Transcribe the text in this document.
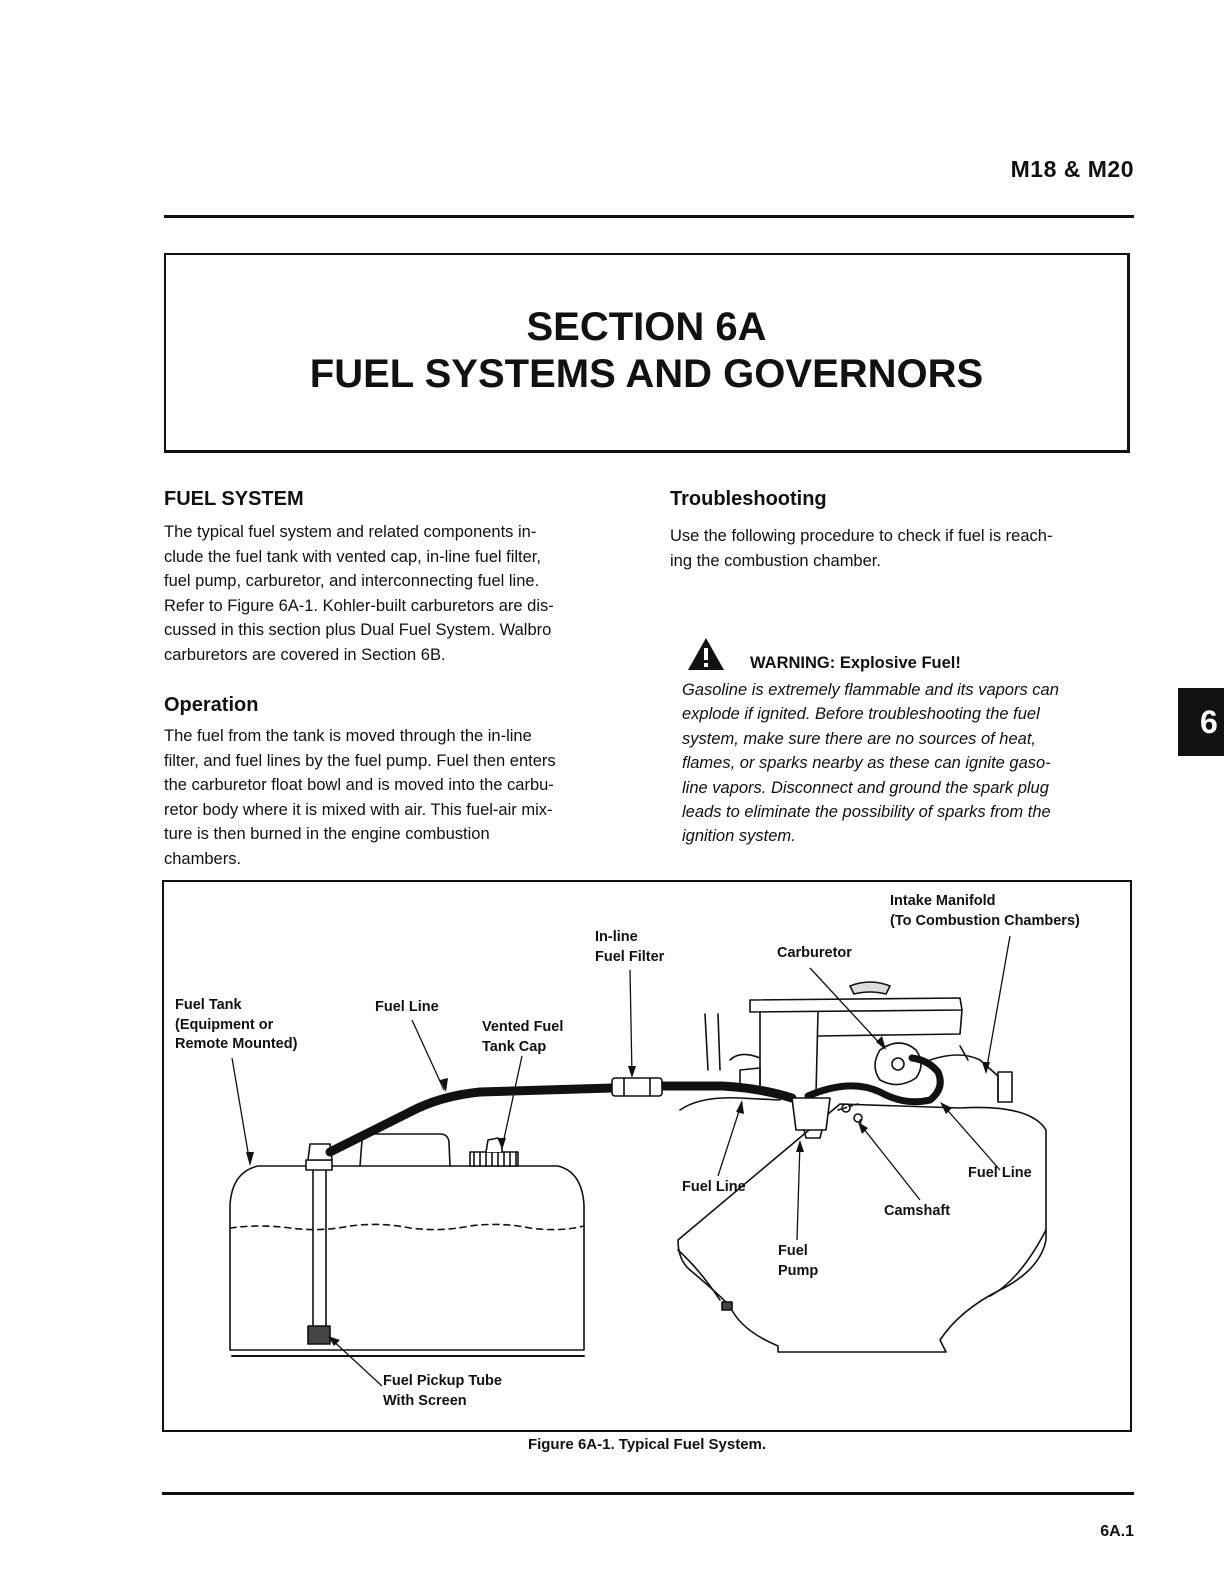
M18 & M20
SECTION 6A
FUEL SYSTEMS AND GOVERNORS
FUEL SYSTEM
The typical fuel system and related components in-
clude the fuel tank with vented cap, in-line fuel filter,
fuel pump, carburetor, and interconnecting fuel line.
Refer to Figure 6A-1. Kohler-built carburetors are dis-
cussed in this section plus Dual Fuel System. Walbro
carburetors are covered in Section 6B.
Operation
The fuel from the tank is moved through the in-line
filter, and fuel lines by the fuel pump. Fuel then enters
the carburetor float bowl and is moved into the carbu-
retor body where it is mixed with air. This fuel-air mix-
ture is then burned in the engine combustion
chambers.
Troubleshooting
Use the following procedure to check if fuel is reach-
ing the combustion chamber.
WARNING: Explosive Fuel!
Gasoline is extremely flammable and its vapors can
explode if ignited. Before troubleshooting the fuel
system, make sure there are no sources of heat,
flames, or sparks nearby as these can ignite gaso-
line vapors. Disconnect and ground the spark plug
leads to eliminate the possibility of sparks from the
ignition system.
6
Intake Manifold
(To Combustion Chambers)
In-line
Fuel Filter	Carburetor
Fuel Tank
(Equipment or
Remote Mounted)
Fuel Line
Vented Fuel
Tank Cap
Fuel Line
Fuel Line
Camshaft
Fuel
Pump
Fuel Pickup Tube
With Screen
Figure 6A-1. Typical Fuel System.
6A.1
